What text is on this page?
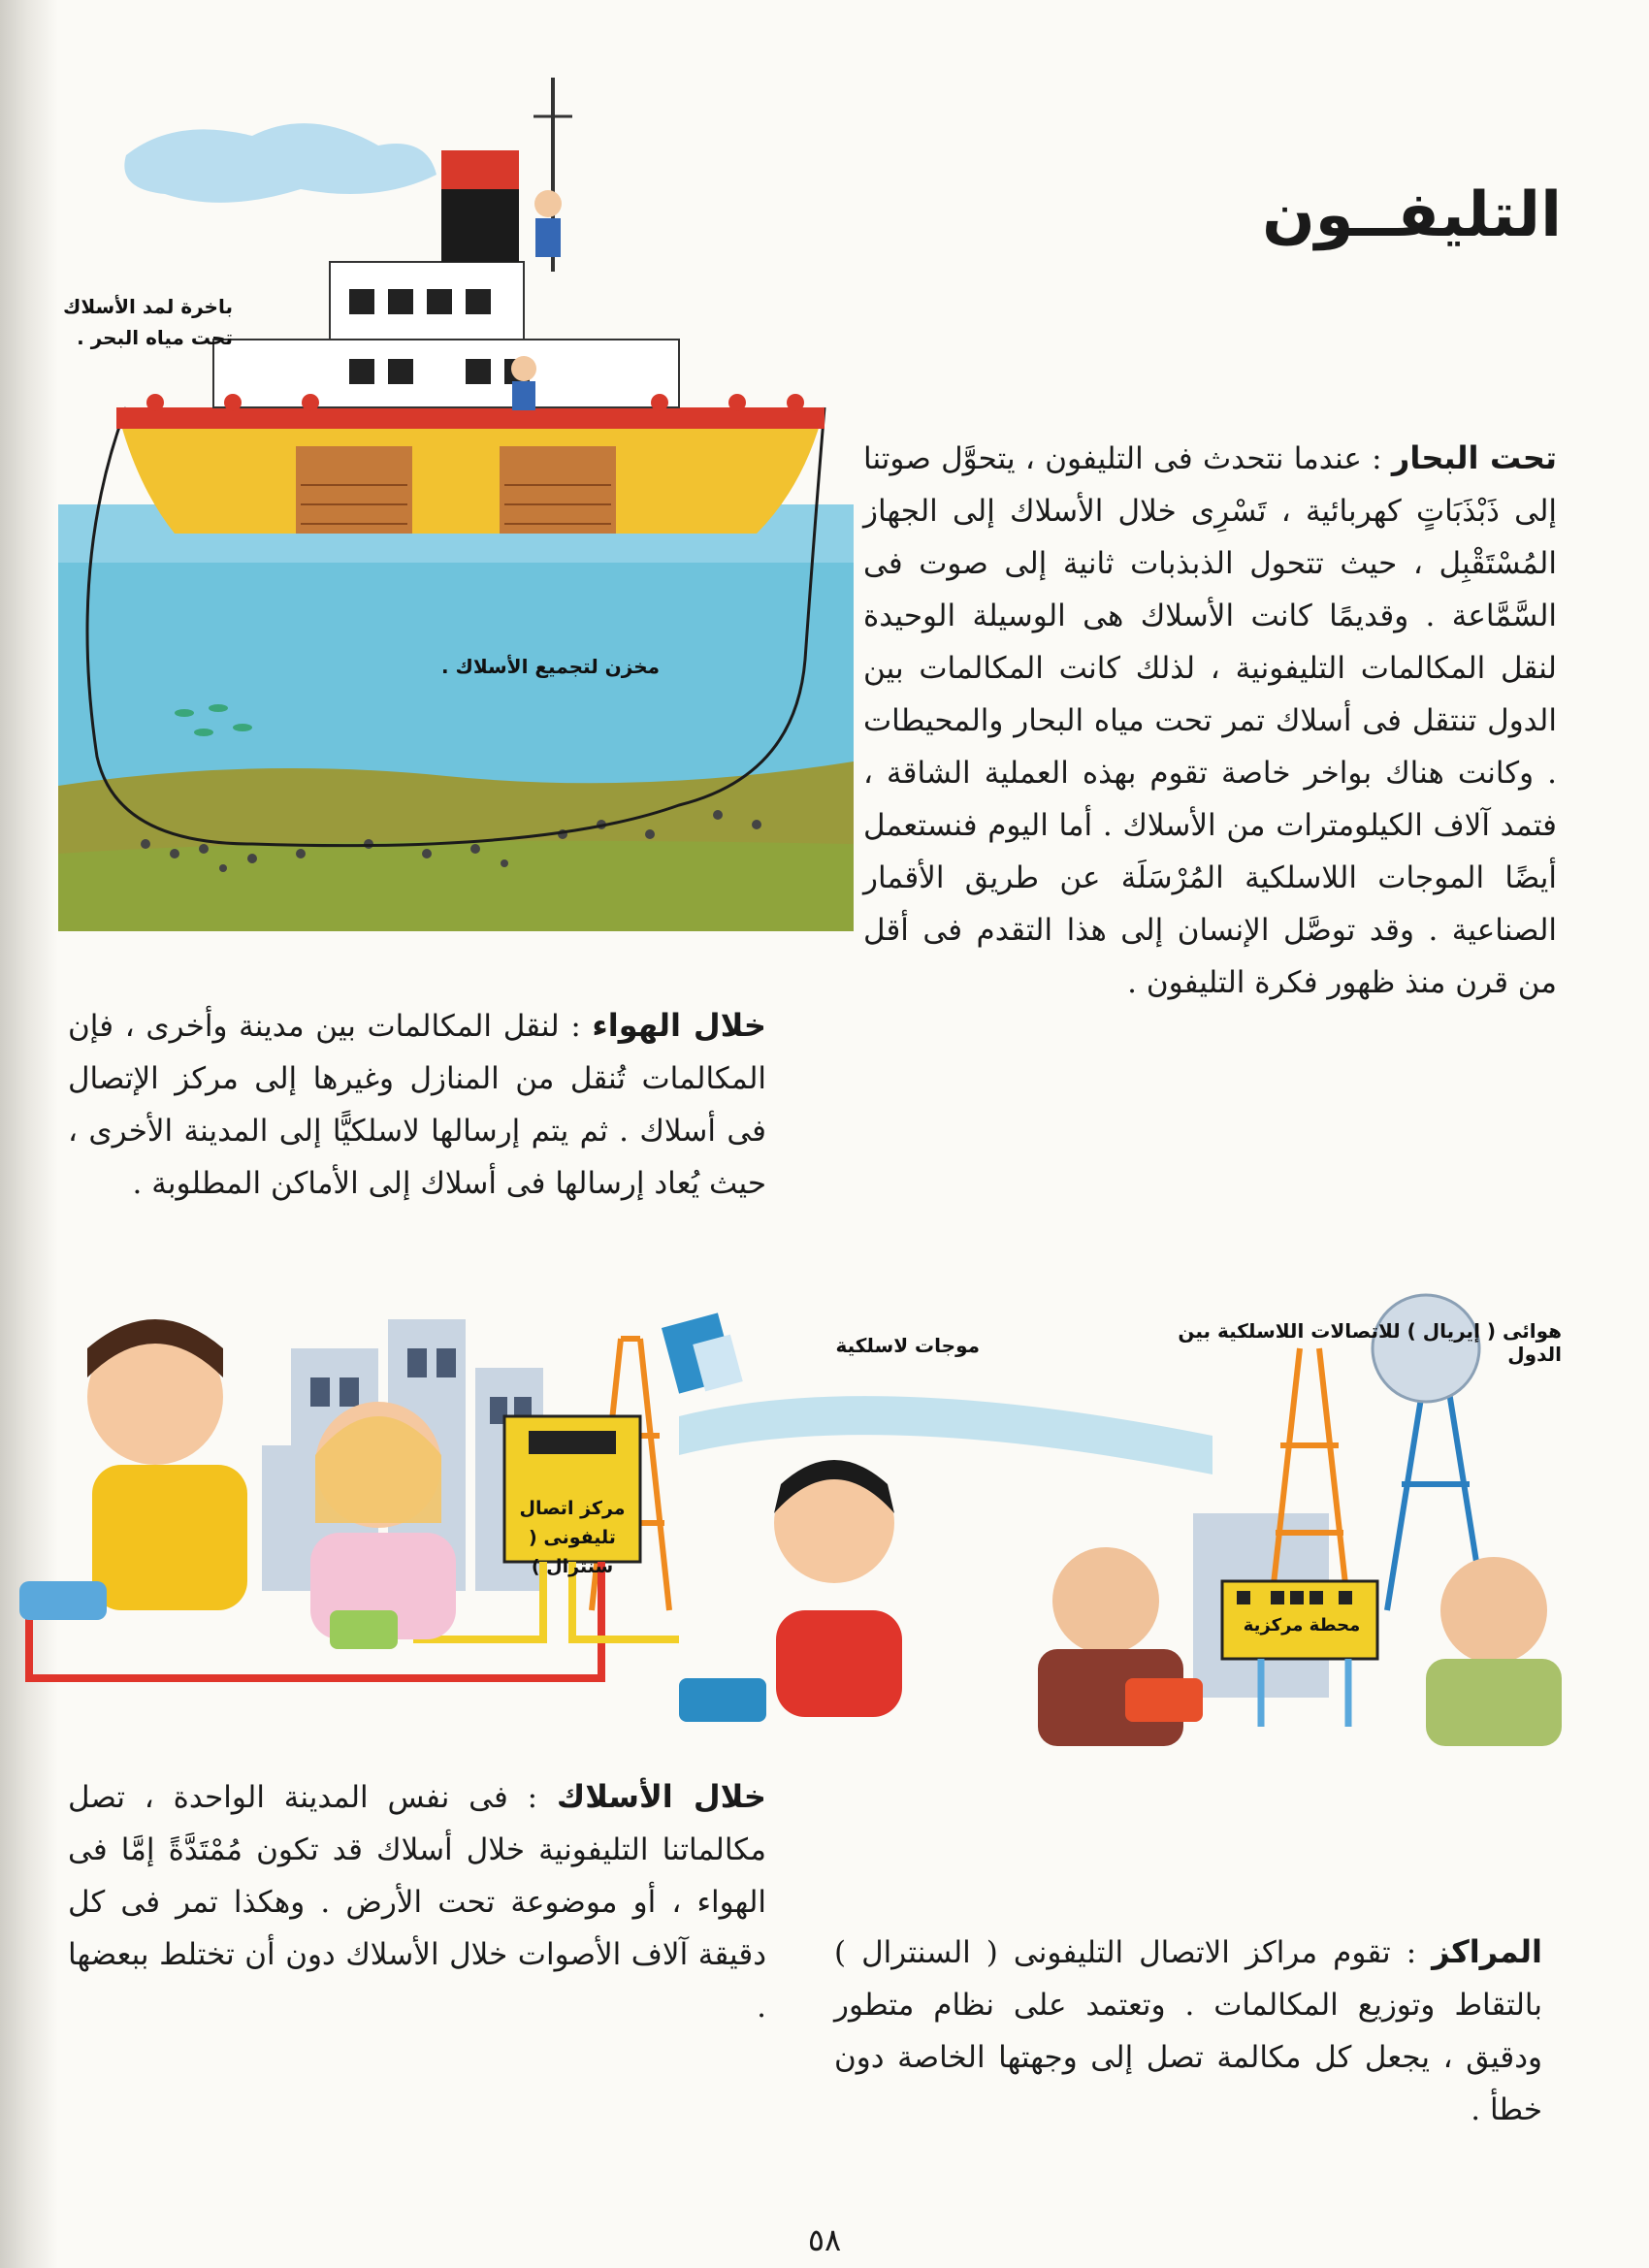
التليفــون
باخرة لمد الأسلاك
تحت مياه البحر .
مخزن لتجميع الأسلاك .

تحت البحار : عندما نتحدث فى التليفون ، يتحوَّل صوتنا إلى ذَبْذَبَاتٍ كهربائية ، تَسْرِى خلال الأسلاك إلى الجهاز المُسْتَقْبِل ، حيث تتحول الذبذبات ثانية إلى صوت فى السَّمَّاعة . وقديمًا كانت الأسلاك هى الوسيلة الوحيدة لنقل المكالمات التليفونية ، لذلك كانت المكالمات بين الدول تنتقل فى أسلاك تمر تحت مياه البحار والمحيطات . وكانت هناك بواخر خاصة تقوم بهذه العملية الشاقة ، فتمد آلاف الكيلومترات من الأسلاك . أما اليوم فنستعمل أيضًا الموجات اللاسلكية المُرْسَلَة عن طريق الأقمار الصناعية . وقد توصَّل الإنسان إلى هذا التقدم فى أقل من قرن منذ ظهور فكرة التليفون .

خلال الهواء : لنقل المكالمات بين مدينة وأخرى ، فإن المكالمات تُنقل من المنازل وغيرها إلى مركز الإتصال فى أسلاك . ثم يتم إرسالها لاسلكيًّا إلى المدينة الأخرى ، حيث يُعاد إرسالها فى أسلاك إلى الأماكن المطلوبة .

مركز اتصال
تليفونى ( سنترال )
موجات لاسلكية
هوائى ( إيريال ) للاتصالات اللاسلكية بين الدول
محطة مركزية

خلال الأسلاك : فى نفس المدينة الواحدة ، تصل مكالماتنا التليفونية خلال أسلاك قد تكون مُمْتَدَّةً إمَّا فى الهواء ، أو موضوعة تحت الأرض . وهكذا تمر فى كل دقيقة آلاف الأصوات خلال الأسلاك دون أن تختلط ببعضها .

المراكز : تقوم مراكز الاتصال التليفونى ( السنترال ) بالتقاط وتوزيع المكالمات . وتعتمد على نظام متطور ودقيق ، يجعل كل مكالمة تصل إلى وجهتها الخاصة دون خطأ .

٥٨
